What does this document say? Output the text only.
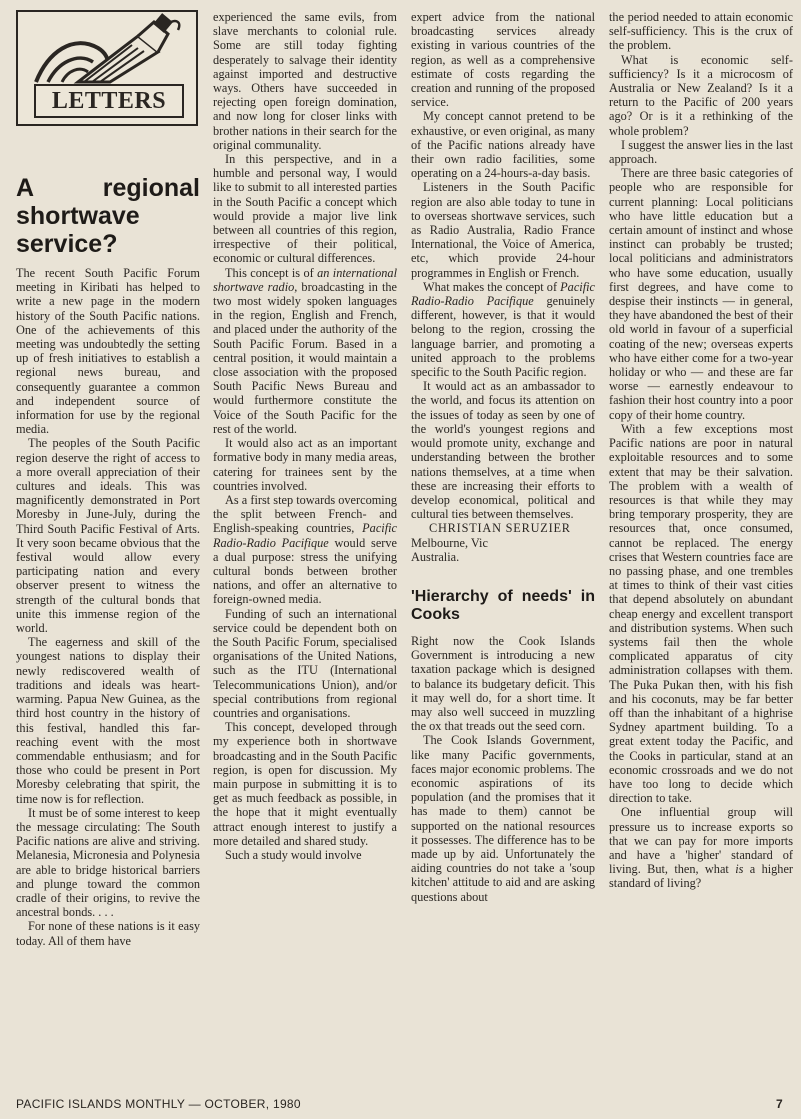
LETTERS
A regional shortwave service?

The recent South Pacific Forum meeting in Kiribati has helped to write a new page in the modern history of the South Pacific nations. One of the achievements of this meeting was undoubtedly the setting up of fresh initiatives to establish a regional news bureau, and consequently guarantee a common and independent source of information for use by the regional media.

The peoples of the South Pacific region deserve the right of access to a more overall appreciation of their cultures and ideals. This was magnificently demonstrated in Port Moresby in June-July, during the Third South Pacific Festival of Arts. It very soon became obvious that the festival would allow every participating nation and every observer present to witness the strength of the cultural bonds that unite this immense region of the world.

The eagerness and skill of the youngest nations to display their newly rediscovered wealth of traditions and ideals was heart-warming. Papua New Guinea, as the third host country in the history of this festival, handled this far-reaching event with the most commendable enthusiasm; and for those who could be present in Port Moresby celebrating that spirit, the time now is for reflection.

It must be of some interest to keep the message circulating: The South Pacific nations are alive and striving. Melanesia, Micronesia and Polynesia are able to bridge historical barriers and plunge toward the common cradle of their origins, to revive the ancestral bonds. . . .

For none of these nations is it easy today. All of them have

experienced the same evils, from slave merchants to colonial rule. Some are still today fighting desperately to salvage their identity against imported and destructive ways. Others have succeeded in rejecting open foreign domination, and now long for closer links with brother nations in their search for the original communality.

In this perspective, and in a humble and personal way, I would like to submit to all interested parties in the South Pacific a concept which would provide a major live link between all countries of this region, irrespective of their political, economic or cultural differences.

This concept is of an international shortwave radio, broadcasting in the two most widely spoken languages in the region, English and French, and placed under the authority of the South Pacific Forum. Based in a central position, it would maintain a close association with the proposed South Pacific News Bureau and would furthermore constitute the Voice of the South Pacific for the rest of the world.

It would also act as an important formative body in many media areas, catering for trainees sent by the countries involved.

As a first step towards overcoming the split between French- and English-speaking countries, Pacific Radio-Radio Pacifique would serve a dual purpose: stress the unifying cultural bonds between brother nations, and offer an alternative to foreign-owned media.

Funding of such an international service could be dependent both on the South Pacific Forum, specialised organisations of the United Nations, such as the ITU (International Telecommunications Union), and/or special contributions from regional countries and organisations.

This concept, developed through my experience both in shortwave broadcasting and in the South Pacific region, is open for discussion. My main purpose in submitting it is to get as much feedback as possible, in the hope that it might eventually attract enough interest to justify a more detailed and shared study.

Such a study would involve

expert advice from the national broadcasting services already existing in various countries of the region, as well as a comprehensive estimate of costs regarding the creation and running of the proposed service.

My concept cannot pretend to be exhaustive, or even original, as many of the Pacific nations already have their own radio facilities, some operating on a 24-hours-a-day basis.

Listeners in the South Pacific region are also able today to tune in to overseas shortwave services, such as Radio Australia, Radio France International, the Voice of America, etc, which provide 24-hour programmes in English or French.

What makes the concept of Pacific Radio-Radio Pacifique genuinely different, however, is that it would belong to the region, crossing the language barrier, and promoting a united approach to the problems specific to the South Pacific region.

It would act as an ambassador to the world, and focus its attention on the issues of today as seen by one of the world's youngest regions and would promote unity, exchange and understanding between the brother nations themselves, at a time when these are increasing their efforts to develop economical, political and cultural ties between themselves.

CHRISTIAN SERUZIER

Melbourne, Vic

Australia.

'Hierarchy of needs' in Cooks

Right now the Cook Islands Government is introducing a new taxation package which is designed to balance its budgetary deficit. This it may well do, for a short time. It may also well succeed in muzzling the ox that treads out the seed corn.

The Cook Islands Government, like many Pacific governments, faces major economic problems. The economic aspirations of its population (and the promises that it has made to them) cannot be supported on the national resources it possesses. The difference has to be made up by aid. Unfortunately the aiding countries do not take a 'soup kitchen' attitude to aid and are asking questions about

the period needed to attain economic self-sufficiency. This is the crux of the problem.

What is economic self-sufficiency? Is it a microcosm of Australia or New Zealand? Is it a return to the Pacific of 200 years ago? Or is it a rethinking of the whole problem?

I suggest the answer lies in the last approach.

There are three basic categories of people who are responsible for current planning: Local politicians who have little education but a certain amount of instinct and whose instinct can probably be trusted; local politicians and administrators who have some education, usually first degrees, and have come to despise their instincts — in general, they have abandoned the best of their old world in favour of a superficial coating of the new; overseas experts who have either come for a two-year holiday or who — and these are far worse — earnestly endeavour to fashion their host country into a poor copy of their home country.

With a few exceptions most Pacific nations are poor in natural exploitable resources and to some extent that may be their salvation. The problem with a wealth of resources is that while they may bring temporary prosperity, they are resources that, once consumed, cannot be replaced. The energy crises that Western countries face are no passing phase, and one trembles at times to think of their vast cities that depend absolutely on abundant cheap energy and excellent transport and distribution systems. When such systems fail then the whole complicated apparatus of city administration collapses with them. The Puka Pukan then, with his fish and his coconuts, may be far better off than the inhabitant of a highrise Sydney apartment building. To a great extent today the Pacific, and the Cooks in particular, stand at an economic crossroads and we do not have too long to decide which direction to take.

One influential group will pressure us to increase exports so that we can pay for more imports and have a 'higher' standard of living. But, then, what is a higher standard of living?

PACIFIC ISLANDS MONTHLY — OCTOBER, 1980	7
